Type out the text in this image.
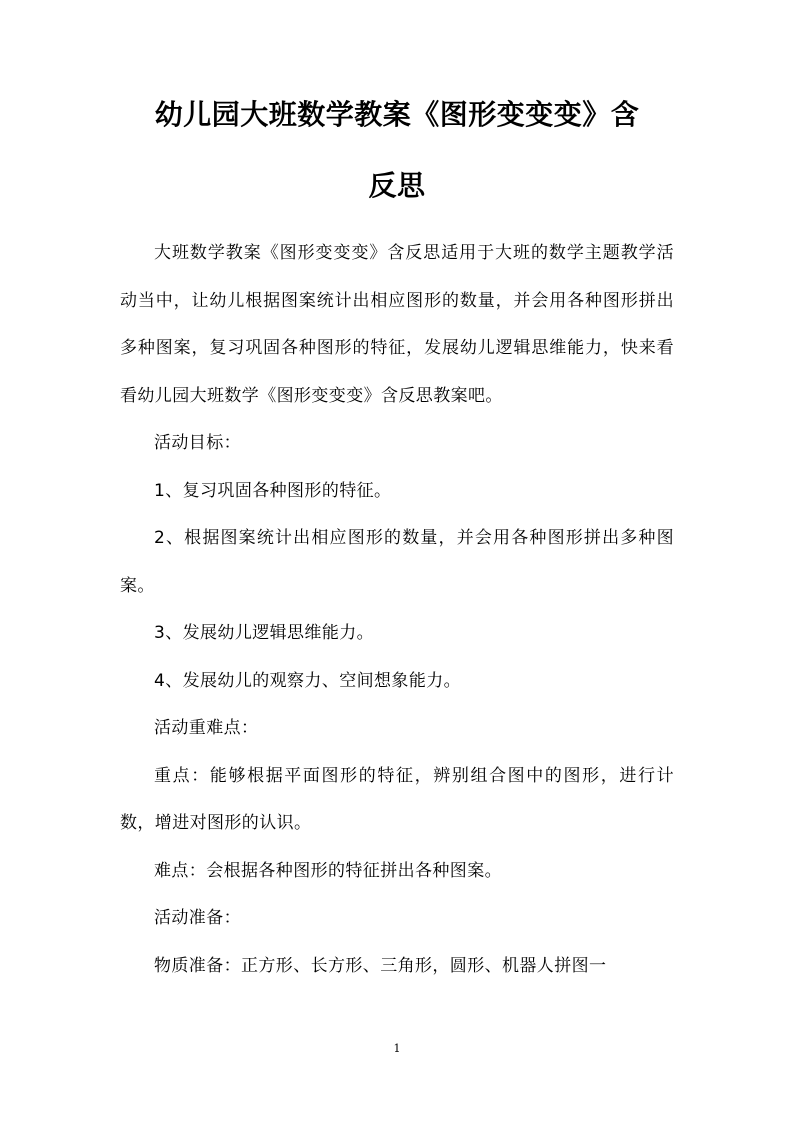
幼儿园大班数学教案《图形变变变》含
反思

大班数学教案《图形变变变》含反思适用于大班的数学主题教学活动当中，让幼儿根据图案统计出相应图形的数量，并会用各种图形拼出多种图案，复习巩固各种图形的特征，发展幼儿逻辑思维能力，快来看看幼儿园大班数学《图形变变变》含反思教案吧。

活动目标：

1、复习巩固各种图形的特征。

2、根据图案统计出相应图形的数量，并会用各种图形拼出多种图案。

3、发展幼儿逻辑思维能力。

4、发展幼儿的观察力、空间想象能力。

活动重难点：

重点：能够根据平面图形的特征，辨别组合图中的图形，进行计数，增进对图形的认识。

难点：会根据各种图形的特征拼出各种图案。

活动准备：

物质准备：正方形、长方形、三角形，圆形、机器人拼图一

1
